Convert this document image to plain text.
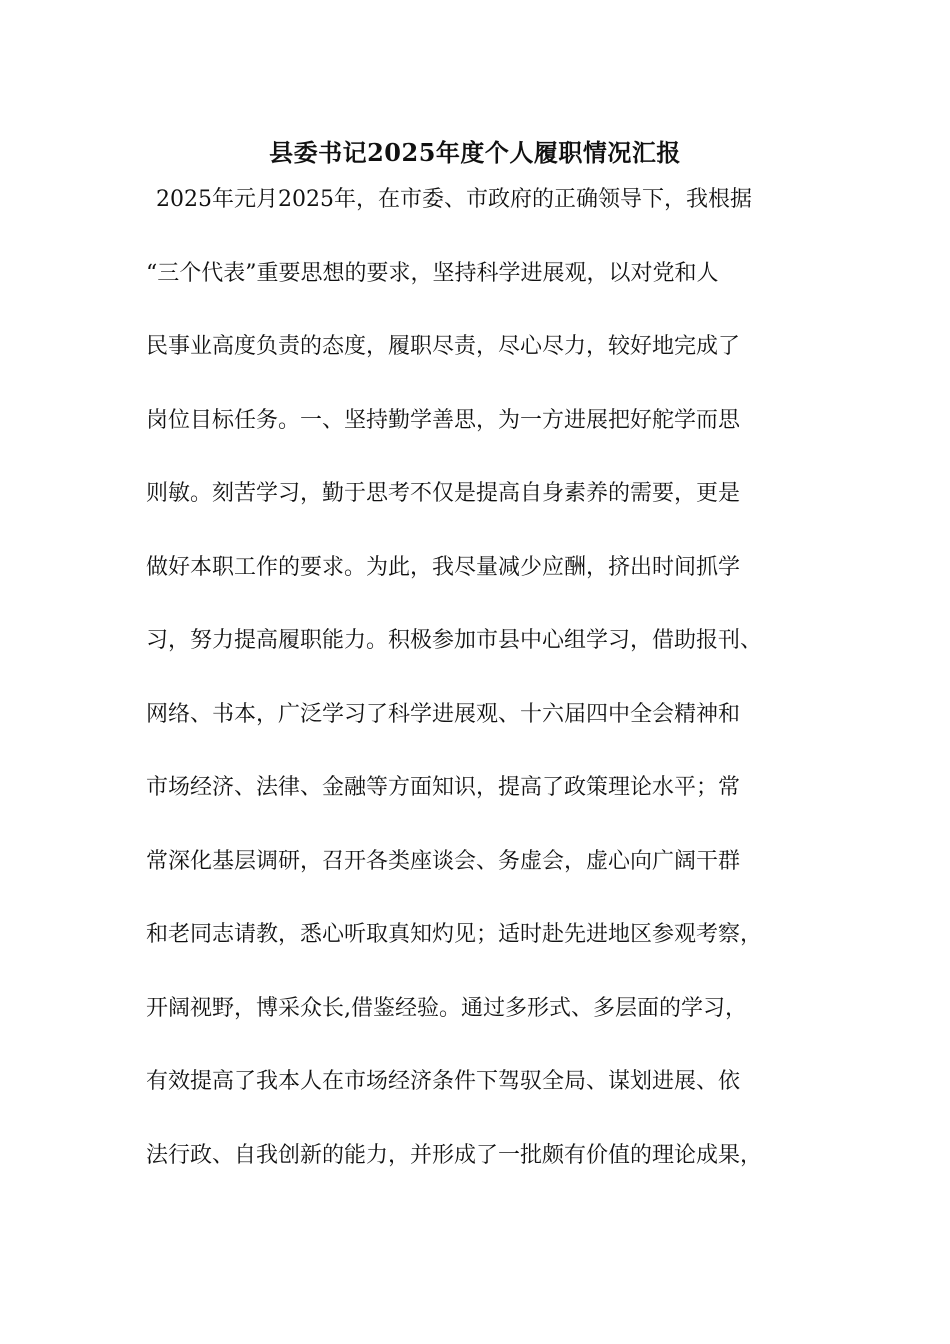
县委书记2025年度个人履职情况汇报
2025年元月2025年，在市委、市政府的正确领导下，我根据
“三个代表”重要思想的要求，坚持科学进展观，以对党和人
民事业高度负责的态度，履职尽责，尽心尽力，较好地完成了
岗位目标任务。一、坚持勤学善思，为一方进展把好舵学而思
则敏。刻苦学习，勤于思考不仅是提高自身素养的需要，更是
做好本职工作的要求。为此，我尽量减少应酬，挤出时间抓学
习，努力提高履职能力。积极参加市县中心组学习，借助报刊、
网络、书本，广泛学习了科学进展观、十六届四中全会精神和
市场经济、法律、金融等方面知识，提高了政策理论水平；常
常深化基层调研，召开各类座谈会、务虚会，虚心向广阔干群
和老同志请教，悉心听取真知灼见；适时赴先进地区参观考察，
开阔视野，博采众长,借鉴经验。通过多形式、多层面的学习，
有效提高了我本人在市场经济条件下驾驭全局、谋划进展、依
法行政、自我创新的能力，并形成了一批颇有价值的理论成果，
